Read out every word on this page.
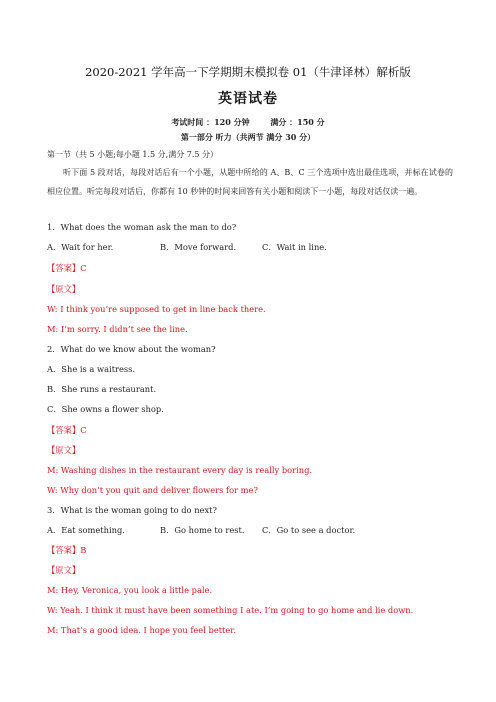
2020-2021 学年高一下学期期末模拟卷 01（牛津译林）解析版
英语试卷
考试时间 ：120 分钟	满分 ：150 分
第一部分 听力（共两节 满分 30 分）
第一节（共 5 小题;每小题 1.5 分,满分 7.5 分）
听下面 5 段对话，每段对话后有一个小题，从题中所给的 A、B、C 三个选项中选出最佳选项，并标在试卷的相应位置。听完每段对话后，你都有 10 秒钟的时间来回答有关小题和阅读下一小题，每段对话仅读一遍。
1．What does the woman ask the man to do?
A．Wait for her.	B．Move forward.	C．Wait in line.
【答案】C
【原文】
W: I think you’re supposed to get in line back there.
M: I’m sorry. I didn’t see the line.
2．What do we know about the woman?
A．She is a waitress.
B．She runs a restaurant.
C．She owns a flower shop.
【答案】C
【原文】
M: Washing dishes in the restaurant every day is really boring.
W: Why don’t you quit and deliver flowers for me?
3．What is the woman going to do next?
A．Eat something.	B．Go home to rest. C．Go to see a doctor.
【答案】B
【原文】
M: Hey, Veronica, you look a little pale.
W: Yeah. I think it must have been something I ate. I’m going to go home and lie down.
M: That’s a good idea. I hope you feel better.
